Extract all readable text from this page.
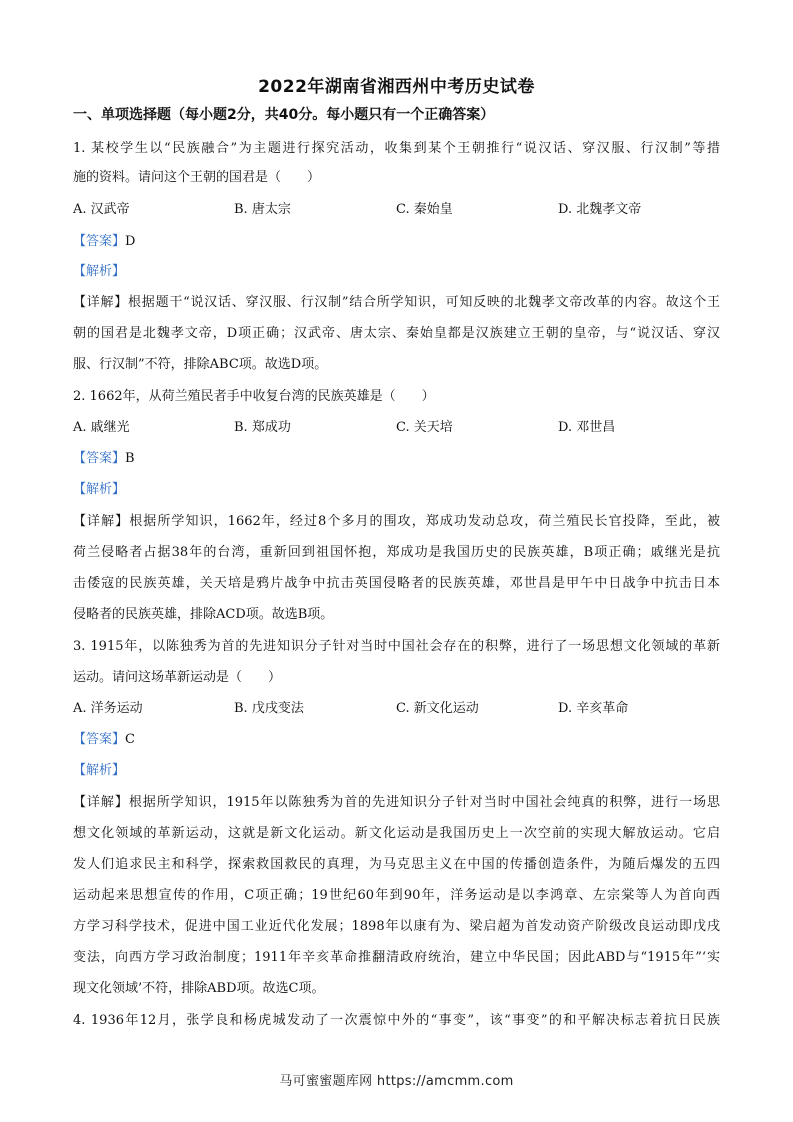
2022年湖南省湘西州中考历史试卷
一、单项选择题（每小题2分，共40分。每小题只有一个正确答案）
1. 某校学生以“民族融合”为主题进行探究活动，收集到某个王朝推行“说汉话、穿汉服、行汉制”等措
施的资料。请问这个王朝的国君是（　　）
A. 汉武帝	B. 唐太宗	C. 秦始皇	D. 北魏孝文帝
【答案】D
【解析】
【详解】根据题干“说汉话、穿汉服、行汉制”结合所学知识，可知反映的北魏孝文帝改革的内容。故这个王
朝的国君是北魏孝文帝，D项正确；汉武帝、唐太宗、秦始皇都是汉族建立王朝的皇帝，与“说汉话、穿汉
服、行汉制”不符，排除ABC项。故选D项。
2. 1662年，从荷兰殖民者手中收复台湾的民族英雄是（　　）
A. 戚继光	B. 郑成功	C. 关天培	D. 邓世昌
【答案】B
【解析】
【详解】根据所学知识，1662年，经过8个多月的围攻，郑成功发动总攻，荷兰殖民长官投降，至此，被
荷兰侵略者占据38年的台湾，重新回到祖国怀抱，郑成功是我国历史的民族英雄，B项正确；戚继光是抗
击倭寇的民族英雄，关天培是鸦片战争中抗击英国侵略者的民族英雄，邓世昌是甲午中日战争中抗击日本
侵略者的民族英雄，排除ACD项。故选B项。
3. 1915年，以陈独秀为首的先进知识分子针对当时中国社会存在的积弊，进行了一场思想文化领域的革新
运动。请问这场革新运动是（　　）
A. 洋务运动	B. 戊戌变法	C. 新文化运动	D. 辛亥革命
【答案】C
【解析】
【详解】根据所学知识，1915年以陈独秀为首的先进知识分子针对当时中国社会纯真的积弊，进行一场思
想文化领域的革新运动，这就是新文化运动。新文化运动是我国历史上一次空前的实现大解放运动。它启
发人们追求民主和科学，探索救国救民的真理，为马克思主义在中国的传播创造条件，为随后爆发的五四
运动起来思想宣传的作用，C项正确；19世纪60年到90年，洋务运动是以李鸿章、左宗棠等人为首向西
方学习科学技术，促进中国工业近代化发展；1898年以康有为、梁启超为首发动资产阶级改良运动即戊戌
变法，向西方学习政治制度；1911年辛亥革命推翻清政府统治，建立中华民国；因此ABD与“1915年”‘实
现文化领域’不符，排除ABD项。故选C项。
4. 1936年12月，张学良和杨虎城发动了一次震惊中外的“事变”，该“事变”的和平解决标志着抗日民族
马可蜜蜜题库网 https://amcmm.com
